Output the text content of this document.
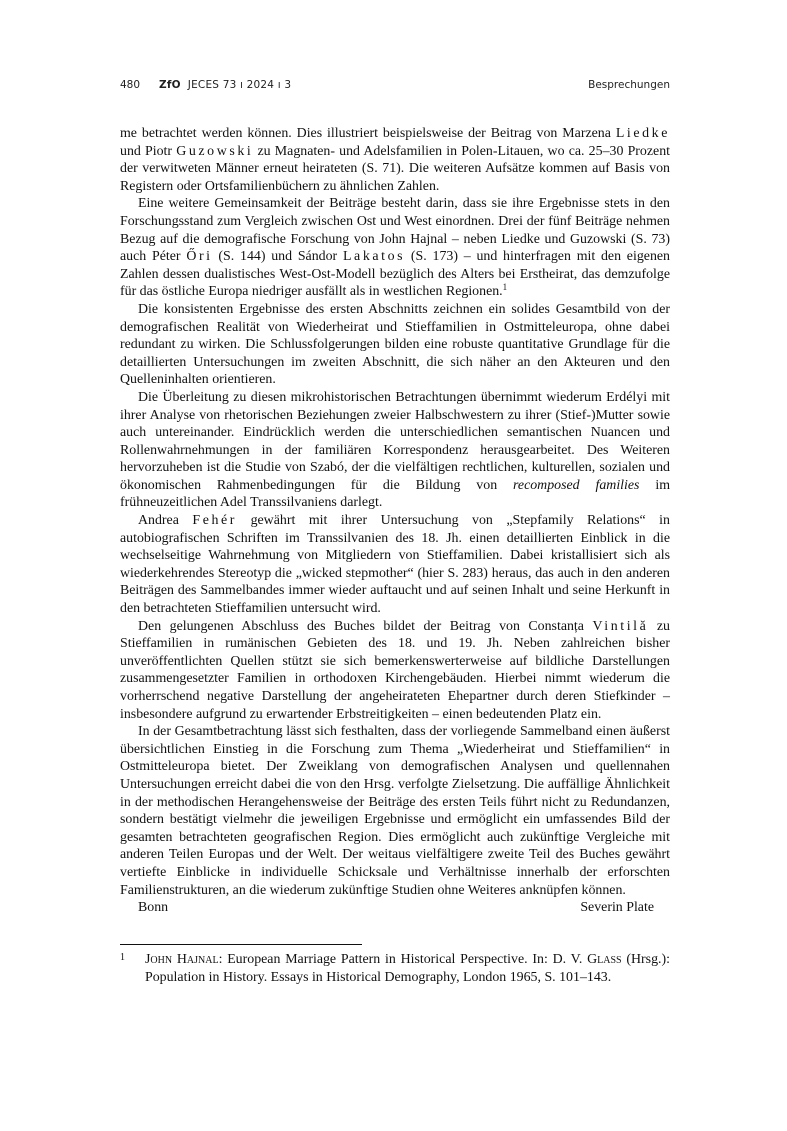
480 ZfO JECES 73 ı 2024 ı 3	Besprechungen

me betrachtet werden können. Dies illustriert beispielsweise der Beitrag von Marzena Liedke und Piotr Guzowski zu Magnaten- und Adelsfamilien in Polen-Litauen, wo ca. 25–30 Prozent der verwitweten Männer erneut heirateten (S. 71). Die weiteren Aufsätze kommen auf Basis von Registern oder Ortsfamilienbüchern zu ähnlichen Zahlen.

Eine weitere Gemeinsamkeit der Beiträge besteht darin, dass sie ihre Ergebnisse stets in den Forschungsstand zum Vergleich zwischen Ost und West einordnen. Drei der fünf Beiträge nehmen Bezug auf die demografische Forschung von John Hajnal – neben Liedke und Guzowski (S. 73) auch Péter Őri (S. 144) und Sándor Lakatos (S. 173) – und hinterfragen mit den eigenen Zahlen dessen dualistisches West-Ost-Modell bezüglich des Alters bei Erstheirat, das demzufolge für das östliche Europa niedriger ausfällt als in westlichen Regionen.$^1$

Die konsistenten Ergebnisse des ersten Abschnitts zeichnen ein solides Gesamtbild von der demografischen Realität von Wiederheirat und Stieffamilien in Ostmitteleuropa, ohne dabei redundant zu wirken. Die Schlussfolgerungen bilden eine robuste quantitative Grundlage für die detaillierten Untersuchungen im zweiten Abschnitt, die sich näher an den Akteuren und den Quelleninhalten orientieren.

Die Überleitung zu diesen mikrohistorischen Betrachtungen übernimmt wiederum Erdélyi mit ihrer Analyse von rhetorischen Beziehungen zweier Halbschwestern zu ihrer (Stief-)Mutter sowie auch untereinander. Eindrücklich werden die unterschiedlichen semantischen Nuancen und Rollenwahrnehmungen in der familiären Korrespondenz herausgearbeitet. Des Weiteren hervorzuheben ist die Studie von Szabó, der die vielfältigen rechtlichen, kulturellen, sozialen und ökonomischen Rahmenbedingungen für die Bildung von recomposed families im frühneuzeitlichen Adel Transsilvaniens darlegt.

Andrea Fehér gewährt mit ihrer Untersuchung von „Stepfamily Relations“ in autobiografischen Schriften im Transsilvanien des 18. Jh. einen detaillierten Einblick in die wechselseitige Wahrnehmung von Mitgliedern von Stieffamilien. Dabei kristallisiert sich als wiederkehrendes Stereotyp die „wicked stepmother“ (hier S. 283) heraus, das auch in den anderen Beiträgen des Sammelbandes immer wieder auftaucht und auf seinen Inhalt und seine Herkunft in den betrachteten Stieffamilien untersucht wird.

Den gelungenen Abschluss des Buches bildet der Beitrag von Constanța Vintilă zu Stieffamilien in rumänischen Gebieten des 18. und 19. Jh. Neben zahlreichen bisher unveröffentlichten Quellen stützt sie sich bemerkenswerterweise auf bildliche Darstellungen zusammengesetzter Familien in orthodoxen Kirchengebäuden. Hierbei nimmt wiederum die vorherrschend negative Darstellung der angeheirateten Ehepartner durch deren Stiefkinder – insbesondere aufgrund zu erwartender Erbstreitigkeiten – einen bedeutenden Platz ein.

In der Gesamtbetrachtung lässt sich festhalten, dass der vorliegende Sammelband einen äußerst übersichtlichen Einstieg in die Forschung zum Thema „Wiederheirat und Stieffamilien“ in Ostmitteleuropa bietet. Der Zweiklang von demografischen Analysen und quellennahen Untersuchungen erreicht dabei die von den Hrsg. verfolgte Zielsetzung. Die auffällige Ähnlichkeit in der methodischen Herangehensweise der Beiträge des ersten Teils führt nicht zu Redundanzen, sondern bestätigt vielmehr die jeweiligen Ergebnisse und ermöglicht ein umfassendes Bild der gesamten betrachteten geografischen Region. Dies ermöglicht auch zukünftige Vergleiche mit anderen Teilen Europas und der Welt. Der weitaus vielfältigere zweite Teil des Buches gewährt vertiefte Einblicke in individuelle Schicksale und Verhältnisse innerhalb der erforschten Familienstrukturen, an die wiederum zukünftige Studien ohne Weiteres anknüpfen können.

Bonn	Severin Plate
1 John Hajnal: European Marriage Pattern in Historical Perspective. In: D. V. Glass (Hrsg.): Population in History. Essays in Historical Demography, London 1965, S. 101–143.
